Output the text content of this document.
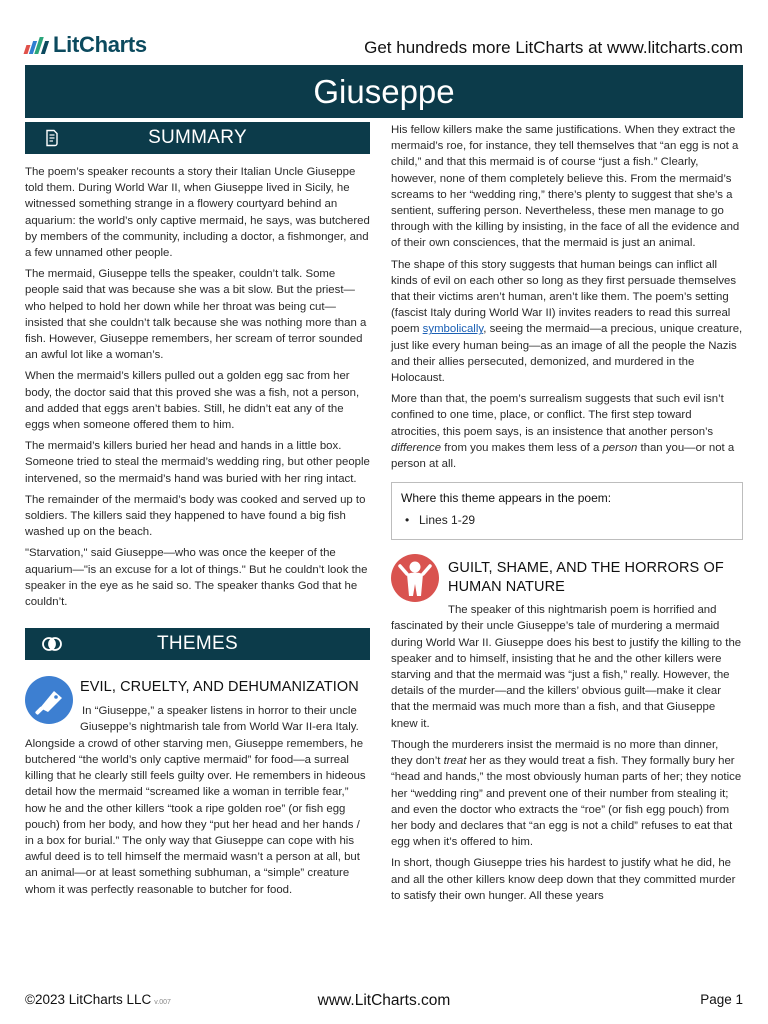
LitCharts	Get hundreds more LitCharts at www.litcharts.com
Giuseppe
SUMMARY

The poem’s speaker recounts a story their Italian Uncle Giuseppe told them. During World War II, when Giuseppe lived in Sicily, he witnessed something strange in a flowery courtyard behind an aquarium: the world’s only captive mermaid, he says, was butchered by members of the community, including a doctor, a fishmonger, and a few unnamed other people.

The mermaid, Giuseppe tells the speaker, couldn’t talk. Some people said that was because she was a bit slow. But the priest—who helped to hold her down while her throat was being cut—insisted that she couldn’t talk because she was nothing more than a fish. However, Giuseppe remembers, her scream of terror sounded an awful lot like a woman’s.

When the mermaid’s killers pulled out a golden egg sac from her body, the doctor said that this proved she was a fish, not a person, and added that eggs aren’t babies. Still, he didn’t eat any of the eggs when someone offered them to him.

The mermaid’s killers buried her head and hands in a little box. Someone tried to steal the mermaid’s wedding ring, but other people intervened, so the mermaid’s hand was buried with her ring intact.

The remainder of the mermaid’s body was cooked and served up to soldiers. The killers said they happened to have found a big fish washed up on the beach.

"Starvation," said Giuseppe—who was once the keeper of the aquarium—"is an excuse for a lot of things." But he couldn’t look the speaker in the eye as he said so. The speaker thanks God that he couldn’t.

THEMES
EVIL, CRUELTY, AND DEHUMANIZATION

In “Giuseppe,” a speaker listens in horror to their uncle Giuseppe’s nightmarish tale from World War II-era Italy. Alongside a crowd of other starving men, Giuseppe remembers, he butchered “the world’s only captive mermaid” for food—a surreal killing that he clearly still feels guilty over. He remembers in hideous detail how the mermaid “screamed like a woman in terrible fear,” how he and the other killers “took a ripe golden roe” (or fish egg pouch) from her body, and how they “put her head and her hands / in a box for burial.” The only way that Giuseppe can cope with his awful deed is to tell himself the mermaid wasn’t a person at all, but an animal—or at least something subhuman, a “simple” creature whom it was perfectly reasonable to butcher for food.

His fellow killers make the same justifications. When they extract the mermaid’s roe, for instance, they tell themselves that “an egg is not a child,” and that this mermaid is of course “just a fish.” Clearly, however, none of them completely believe this. From the mermaid’s screams to her “wedding ring,” there’s plenty to suggest that she’s a sentient, suffering person. Nevertheless, these men manage to go through with the killing by insisting, in the face of all the evidence and of their own consciences, that the mermaid is just an animal.

The shape of this story suggests that human beings can inflict all kinds of evil on each other so long as they first persuade themselves that their victims aren’t human, aren’t like them. The poem’s setting (fascist Italy during World War II) invites readers to read this surreal poem symbolically, seeing the mermaid—a precious, unique creature, just like every human being—as an image of all the people the Nazis and their allies persecuted, demonized, and murdered in the Holocaust.

More than that, the poem’s surrealism suggests that such evil isn’t confined to one time, place, or conflict. The first step toward atrocities, this poem says, is an insistence that another person’s difference from you makes them less of a person than you—or not a person at all.

Where this theme appears in the poem:
• Lines 1-29
GUILT, SHAME, AND THE HORRORS OF HUMAN NATURE

The speaker of this nightmarish poem is horrified and fascinated by their uncle Giuseppe’s tale of murdering a mermaid during World War II. Giuseppe does his best to justify the killing to the speaker and to himself, insisting that he and the other killers were starving and that the mermaid was “just a fish,” really. However, the details of the murder—and the killers’ obvious guilt—make it clear that the mermaid was much more than a fish, and that Giuseppe knew it.

Though the murderers insist the mermaid is no more than dinner, they don’t treat her as they would treat a fish. They formally bury her “head and hands,” the most obviously human parts of her; they notice her “wedding ring” and prevent one of their number from stealing it; and even the doctor who extracts the “roe” (or fish egg pouch) from her body and declares that “an egg is not a child” refuses to eat that egg when it’s offered to him.

In short, though Giuseppe tries his hardest to justify what he did, he and all the other killers know deep down that they committed murder to satisfy their own hunger. All these years

©2023 LitCharts LLC v.007	www.LitCharts.com	Page 1
